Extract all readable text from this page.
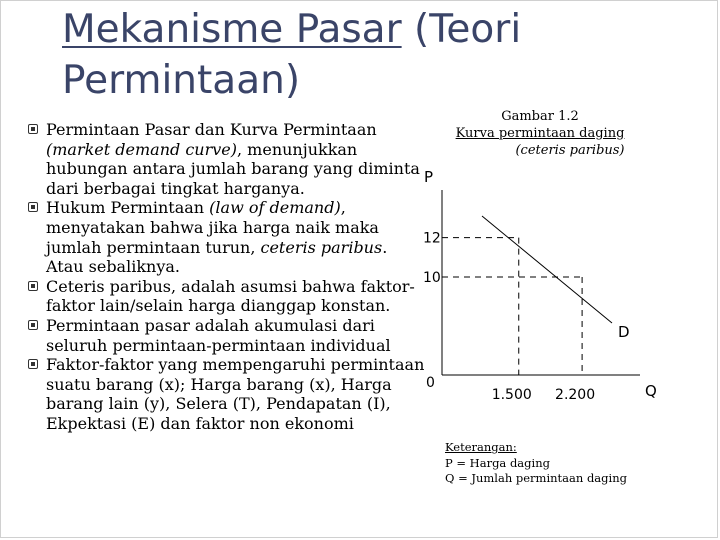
Mekanisme Pasar (Teori Permintaan)
Permintaan Pasar dan Kurva Permintaan (market demand curve), menunjukkan hubungan antara jumlah barang yang diminta dari berbagai tingkat harganya.
Hukum Permintaan (law of demand), menyatakan bahwa jika harga naik maka jumlah permintaan turun, ceteris paribus. Atau sebaliknya.
Ceteris paribus, adalah asumsi bahwa faktor-faktor lain/selain harga dianggap konstan.
Permintaan pasar adalah akumulasi dari seluruh permintaan-permintaan individual
Faktor-faktor yang mempengaruhi permintaan suatu barang (x); Harga barang (x), Harga barang lain (y), Selera (T), Pendapatan (I), Ekpektasi (E) dan faktor non ekonomi
Gambar 1.2
Kurva permintaan daging
(ceteris paribus)
P
Q
0
D
1.500
12
2.200
10
Keterangan:
P = Harga daging
Q = Jumlah permintaan daging
